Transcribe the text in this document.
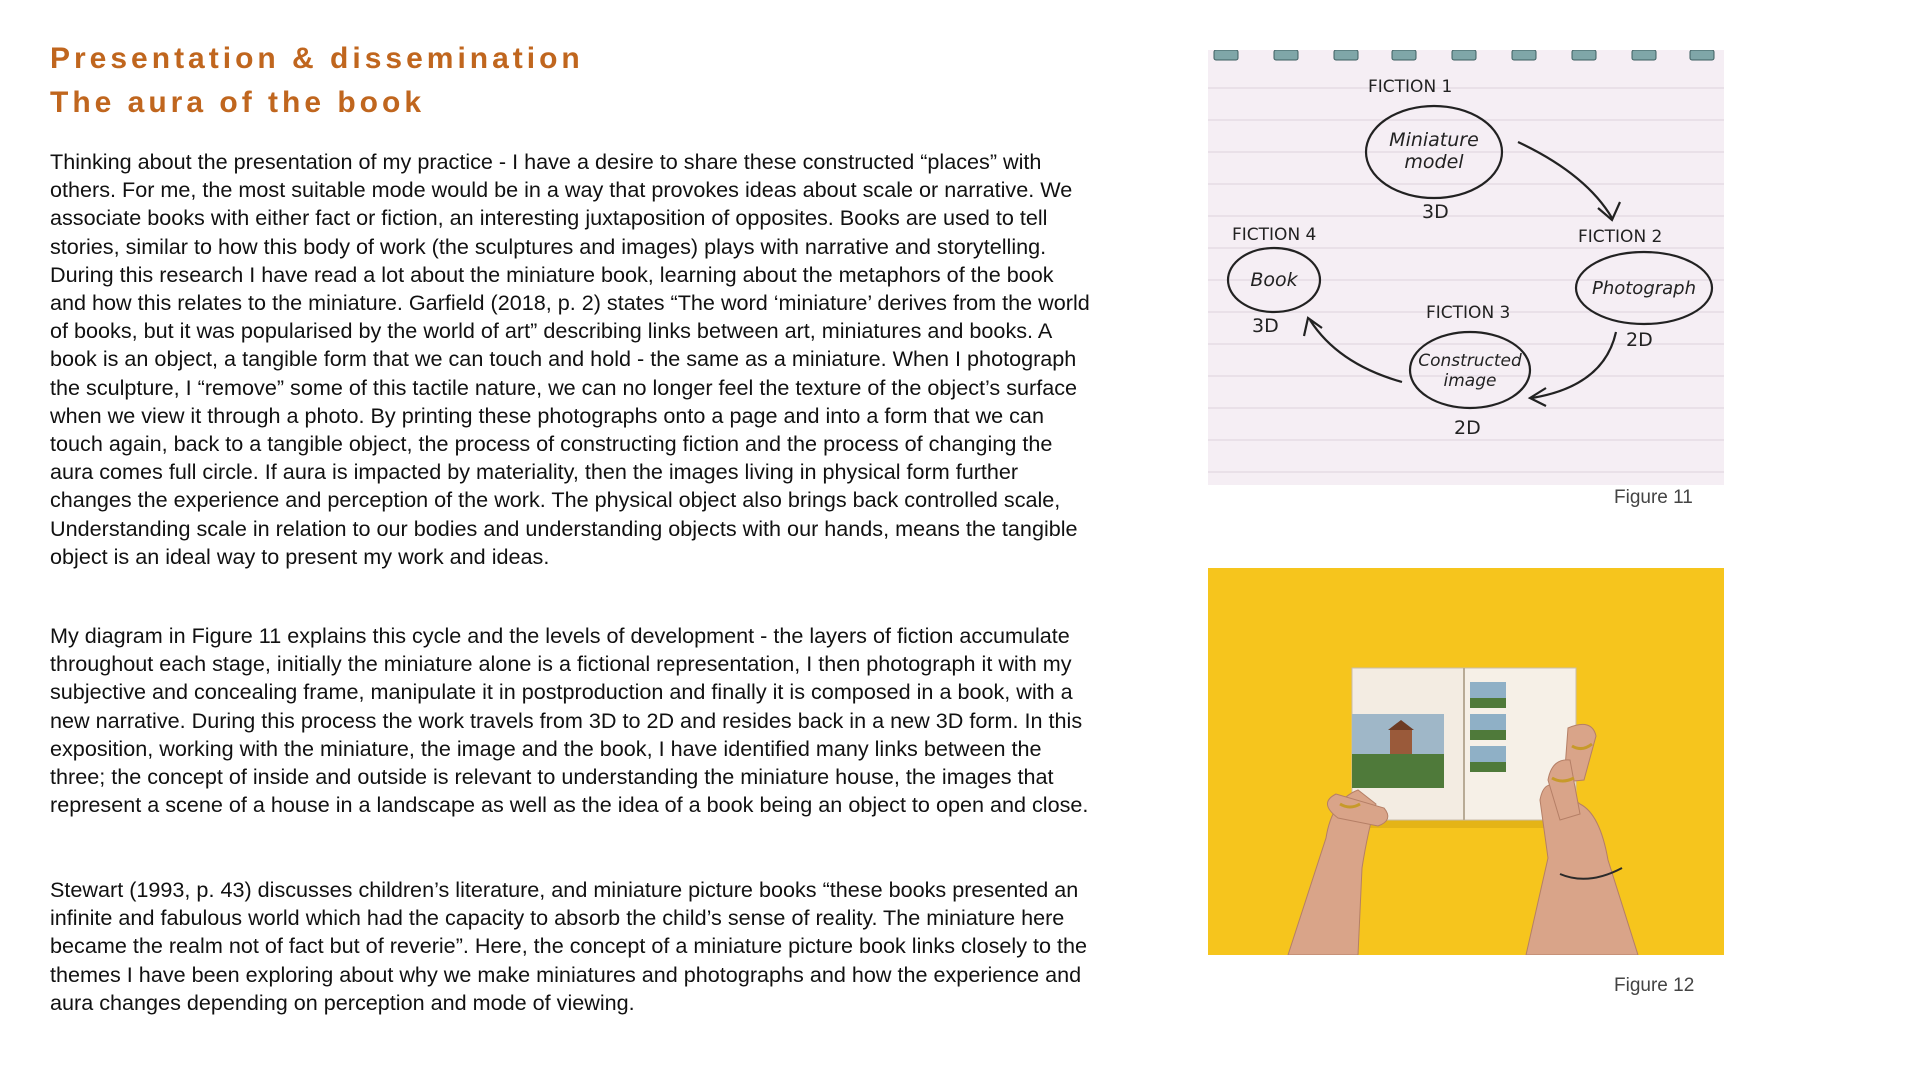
Presentation & dissemination
The aura of the book

Thinking about the presentation of my practice - I have a desire to share these constructed “places” with others. For me, the most suitable mode would be in a way that provokes ideas about scale or narrative. We associate books with either fact or fiction, an interesting juxtaposition of opposites. Books are used to tell stories, similar to how this body of work (the sculptures and images) plays with narrative and storytelling. During this research I have read a lot about the miniature book, learning about the metaphors of the book and how this relates to the miniature. Garfield (2018, p. 2) states “The word ‘miniature’ derives from the world of books, but it was popularised by the world of art” describing links between art, miniatures and books. A book is an object, a tangible form that we can touch and hold - the same as a miniature. When I photograph the sculpture, I “remove” some of this tactile nature, we can no longer feel the texture of the object’s surface when we view it through a photo. By printing these photographs onto a page and into a form that we can touch again, back to a tangible object, the process of constructing fiction and the process of changing the aura comes full circle. If aura is impacted by materiality, then the images living in physical form further changes the experience and perception of the work. The physical object also brings back controlled scale, Understanding scale in relation to our bodies and understanding objects with our hands, means the tangible object is an ideal way to present my work and ideas.

My diagram in Figure 11 explains this cycle and the levels of development - the layers of fiction accumulate throughout each stage, initially the miniature alone is a fictional representation, I then photograph it with my subjective and concealing frame, manipulate it in postproduction and finally it is composed in a book, with a new narrative. During this process the work travels from 3D to 2D and resides back in a new 3D form. In this exposition, working with the miniature, the image and the book, I have identified many links between the three; the concept of inside and outside is relevant to understanding the miniature house, the images that represent a scene of a house in a landscape as well as the idea of a book being an object to open and close.

Stewart (1993, p. 43) discusses children’s literature, and miniature picture books “these books presented an infinite and fabulous world which had the capacity to absorb the child’s sense of reality. The miniature here became the realm not of fact but of reverie”. Here, the concept of a miniature picture book links closely to the themes I have been exploring about why we make miniatures and photographs and how the experience and aura changes depending on perception and mode of viewing.

FICTION 1
Miniature
model
3D
FICTION 2
Photograph
2D
FICTION 3
Constructed
image
2D
FICTION 4
Book
3D
Figure 11
Figure 12
